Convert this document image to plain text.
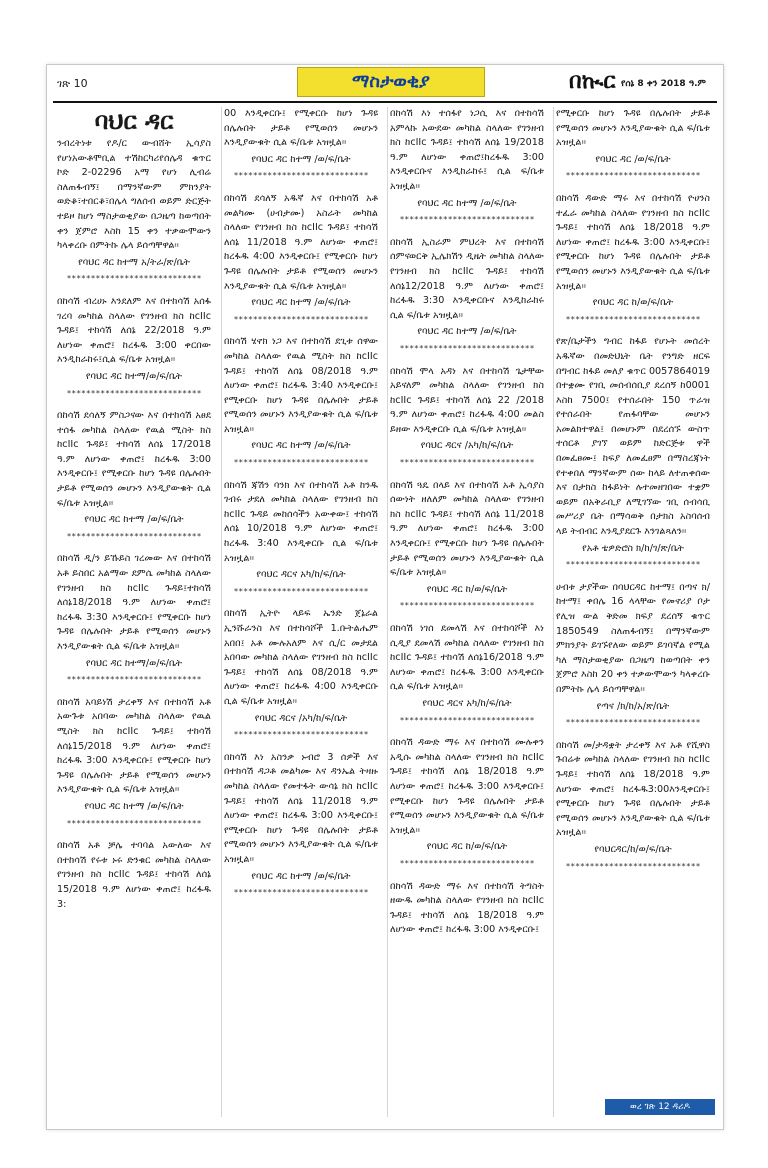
ገጽ 10	ማስታወቂያ	በኲር የሰኔ 8 ቀን 2018 ዓ.ም
ባህር ዳር

ንብረትነቱ የዶ/ር ውብሸት ኢሳያስ የሆነአውቶሞቢል ተሽከርካሪየሰሌዳ ቁጥር ኮድ 2-02296 አማ የሆነ ሊብሬ ስለጠፋብኝ፤ በማንኛውም ምክንያት ወድቆ፣ተበርቆ፣በሌላ ግለሰብ ወይም ድርጅት ተይዞ ከሆነ ማስታወቂያው በጋዜጣ ከወጣበት ቀን ጀምሮ እስከ 15 ቀን ተቃውሞውን ካላቀረቡ በምትኩ ሌላ ይሰጣቸዋል፡፡

የባህር ዳር ከተማ አ/ትራ/ጽ/ቤት

****************************

በከሳሽ ብረሀኑ እንደለም እና በተከሳሽ አሰፋ ገረባ መካከል ስላለው የገንዘብ ክስ ከcIIc ጉዳይ፤ ተከሳሽ ለሰኔ 22/2018 ዓ.ም ለሆነው ቀጠሮ፤ ከረፋዱ 3:00 ቀርበው እንዲከራከሩ፤ሲል ፍ/ቤቱ አዝዟል፡፡

የባህር ዳር ከተማ/ወ/ፍ/ቤት

****************************

በከሳሽ ደሳለኝ ምስጋናው እና በተከሳሽ አፀደ ተሰፋ መካከል ስላለው የዉል ሚስት ክስ ከcIIc ጉዳይ፤ ተከሳሽ ለሰኔ 17/2018 ዓ.ም ለሆነው ቀጠሮ፤ ከረፋዱ 3:00 እንዲቀርቡ፤ የሚቀርቡ ከሆነ ጉዳዩ በሌሉበት ታይቶ የሚወሰን መሆኑን እንዲያውቁት ሲል ፍ/ቤቱ አዝዟል፡፡

የባህር ዳር ከተማ /ወ/ፍ/ቤት

****************************

በከሳሽ ዲ/ን ይኹይስ ገረመው እና በተከሳሽ አቶ ይስበር አልማው ደምሴ መካከል ስላለው የገንዘብ ክስ ከcIIc ጉዳይ፤ተከሳሽ ለሰኔ18/2018 ዓ.ም ለሆነው ቀጠሮ፤ ከረፋዱ 3:30 እንዲቀርቡ፤ የሚቀርቡ ከሆነ ጉዳዩ በሌሉበት ታይቶ የሚወሰን መሆኑን እንዲያውቁት ሲል ፍ/ቤቱ አዝዟል፡፡

የባህር ዳር ከተማ/ወ/ፍ/ቤት

****************************

በከሳሽ አባይነሽ ታረቀኝ እና በተከሳሽ አቶ አውጉቱ አበባው መካከል ስላለው የዉል ሚስት ክስ ከcIIc ጉዳይ፤ ተከሳሽ ለሰኔ15/2018 ዓ.ም ለሆነው ቀጠሮ፤ ከረፋዱ 3:00 እንዲቀርቡ፤ የሚቀርቡ ከሆነ ጉዳዩ በሌሉበት ታይቶ የሚወሰን መሆኑን እንዲያውቁት ሲል ፍ/ቤቱ አዝዟል፡፡

የባህር ዳር ከተማ /ወ/ፍ/ቤት

****************************

በከሳሽ አቶ ቻሌ ተባባል አውለው እና በተከሳሽ የሩቱ ኑሩ ድንቁር መካከል ስላለው የገንዘብ ክስ ከcIIc ጉዳይ፤ ተከሳሽ ለሰኔ 15/2018 ዓ.ም ለሆነው ቀጠሮ፤ ከረፋዱ 3:

00 እንዲቀርቡ፤ የሚቀርቡ ከሆነ ጉዳዩ በሌሉበት ታይቶ የሚወሰን መሆኑን እንዲያውቁት ሲል ፍ/ቤቱ አዝዟል፡፡

የባህር ዳር ከተማ /ወ/ፍ/ቤት

****************************

በከሳሽ ደሳለኝ አዱኛ እና በተከሳሽ አቶ መልካሙ (ሀብታሙ) አስራት መካከል ስላለው የገንዘብ ክስ ከcIIc ጉዳይ፤ ተከሳሽ ለሰኔ 11/2018 ዓ.ም ለሆነው ቀጠሮ፤ ከረፋዱ 4:00 እንዲቀርቡ፤ የሚቀርቡ ከሆነ ጉዳዩ በሌሉበት ታይቶ የሚወሰን መሆኑን እንዲያውቁት ሲል ፍ/ቤቱ አዝዟል፡፡

የባህር ዳር ከተማ /ወ/ፍ/ቤት

****************************

በከሳሽ ሄኖክ ነጋ እና በተከሳሽ ደጊቱ ሰዋው መካከል ስላለው የዉል ሚስት ክስ ከcIIc ጉዳይ፤ ተከሳሽ ለሰኔ 08/2018 ዓ.ም ለሆነው ቀጠሮ፤ ከረፋዱ 3:40 እንዲቀርቡ፤ የሚቀርቡ ከሆነ ጉዳዩ በሌሉበት ታይቶ የሚወሰን መሆኑን እንዲያውቁት ሲል ፍ/ቤቱ አዝዟል፡፡

የባህር ዳር ከተማ /ወ/ፍ/ቤት

****************************

በከሳሽ ጃሽን ባንክ እና በተከሳሽ አቶ ከንዱ ገብሩ ታደለ መካከል ስላለው የገንዘብ ክስ ከcIIc ጉዳይ መከሰሳችን አውቀው፤ ተከሳሽ ለሰኔ 10/2018 ዓ.ም ለሆነው ቀጠሮ፤ ከረፋዱ 3:40 እንዲቀርቡ ሲል ፍ/ቤቱ አዝዟል፡፡

የባህር ዳርና አካ/ከ/ፍ/ቤት

****************************

በከሳሽ ኢትዮ ላይፍ ኤንድ ጀኔራል ኢንሹራንስ እና በተከሳሾች 1.ቡትልሔም አበበ፤ አቶ ሙሉአለም እና ሲ/ር መታደል አበባው መካከል ስላለው የገንዘብ ክስ ከcIIc ጉዳይ፤ ተከሳሽ ለሰኔ 08/2018 ዓ.ም ለሆነው ቀጠሮ፤ ከረፋዱ 4:00 እንዲቀርቡ ሲል ፍ/ቤቱ አዝዟል፡፡

የባህር ዳርና /አካ/ከ/ፍ/ቤት

****************************

በከሳሽ እነ አስንቃ ኑብሮ 3 ሰዎች እና በተከሳሽ ዳጋቶ መልካሙ እና ዳንኤል ትዛዙ መካከል ስላለው የመተፋት ውሳኔ ክስ ከcIIc ጉዳይ፤ ተከሳሽ ለሰኔ 11/2018 ዓ.ም ለሆነው ቀጠሮ፤ ከረፋዱ 3:00 እንዲቀርቡ፤ የሚቀርቡ ከሆነ ጉዳዩ በሌሉበት ታይቶ የሚወሰን መሆኑን እንዲያውቁት ሲል ፍ/ቤቱ አዝዟል፡፡

የባህር ዳር ከተማ /ወ/ፍ/ቤት

****************************

በከሳሽ እነ ተሰፋየ ነጋሲ እና በተከሳሽ አምላኩ አውደው መካከል ስላለው የገንዘብ ክስ ከcIIc ጉዳይ፤ ተከሳሽ ለሰኔ 19/2018 ዓ.ም ለሆነው ቀጠሮ፤ከረፋዱ 3:00 እንዲቀርቡና እንዲከራከሩ፤ ሲል ፍ/ቤቱ አዝዟል፡፡

የባህር ዳር ከተማ /ወ/ፍ/ቤት

****************************

በከሳሽ ኢስራም ምህረት እና በተከሳሽ ሰምናወርቅ ኢሌክሽን ዲዜት መካከል ስላለው የገንዘብ ክስ ከcIIc ጉዳይ፤ ተከሳሽ ለሰኔ12/2018 ዓ.ም ለሆነው ቀጠሮ፤ ከረፋዱ 3:30 እንዲቀርቡና እንዲከራከሩ ሲል ፍ/ቤቱ አዝዟል፡፡

የባህር ዳር ከተማ /ወ/ፍ/ቤት

****************************

በከሳሽ ሞላ አዳነ እና በተከሳሽ ጌታቸው አይናለም መካከል ስላለው የገንዘብ ክስ ከcIIc ጉዳይ፤ ተከሳሽ ለሰኔ 22 /2018 ዓ.ም ለሆነው ቀጠሮ፤ ከረፋዱ 4:00 መልስ ይዘው እንዲቀርቡ ሲል ፍ/ቤቱ አዝዟል፡፡

የባህር ዳርና /አካ/ከ/ፍ/ቤት

****************************

በከሳሽ ጓዴ በላይ እና በተከሳሽ አቶ ኢሳያስ ሰውነት ዘለለም መካከል ስላለው የገንዘብ ክስ ከcIIc ጉዳይ፤ ተከሳሽ ለሰኔ 11/2018 ዓ.ም ለሆነው ቀጠሮ፤ ከረፋዱ 3:00 እንዲቀርቡ፤ የሚቀርቡ ከሆነ ጉዳዩ በሌሉበት ታይቶ የሚወሰን መሆኑን እንዲያውቁት ሲል ፍ/ቤቱ አዝዟል፡፡

የባህር ዳር ከ/ወ/ፍ/ቤት

****************************

በከሳሽ ነገሰ ደመላሽ እና በተከሳሾች እነ ሲዲያ ደመላሽ መካከል ስላለው የገንዘብ ክስ ከcIIc ጉዳይ፤ ተከሳሽ ለሰኔ16/2018 ዓ.ም ለሆነው ቀጠሮ፤ ከረፋዱ 3:00 እንዲቀርቡ ሲል ፍ/ቤቱ አዝዟል፡፡

የባህር ዳርና አካ/ከ/ፍ/ቤት

****************************

በከሳሽ ዳውድ ማሩ እና በተከሳሽ ሙሉቀን አዲሱ መካከል ስላለው የገንዘብ ክስ ከcIIc ጉዳይ፤ ተከሳሽ ለሰኔ 18/2018 ዓ.ም ለሆነው ቀጠሮ፤ ከረፋዱ 3:00 እንዲቀርቡ፤ የሚቀርቡ ከሆነ ጉዳዩ በሌሉበት ታይቶ የሚወሰን መሆኑን እንዲያውቁት ሲል ፍ/ቤቱ አዝዟል፡፡

የባህር ዳር ከ/ወ/ፍ/ቤት

****************************

በከሳሽ ዳውድ ማሩ እና በተከሳሽ ትግስት ዘውዱ መካከል ስላለው የገንዘብ ክስ ከcIIc ጉዳይ፤ ተከሳሽ ለሰኔ 18/2018 ዓ.ም ለሆነው ቀጠሮ፤ ከረፋዱ 3:00 እንዲቀርቡ፤

የሚቀርቡ ከሆነ ጉዳዩ በሌሉበት ታይቶ የሚወሰን መሆኑን እንዲያውቁት ሲል ፍ/ቤቱ አዝዟል፡፡

የባህር ዳር /ወ/ፍ/ቤት

****************************

በከሳሽ ዳውድ ማሩ እና በተከሳሽ ዮሀንስ ተፈራ መካከል ስላለው የገንዘብ ክስ ከcIIc ጉዳይ፤ ተከሳሽ ለሰኔ 18/2018 ዓ.ም ለሆነው ቀጠሮ፤ ከረፋዱ 3:00 እንዲቀርቡ፤ የሚቀርቡ ከሆነ ጉዳዩ በሌሉበት ታይቶ የሚወሰን መሆኑን እንዲያውቁት ሲል ፍ/ቤቱ አዝዟል፡፡

የባህር ዳር ከ/ወ/ፍ/ቤት

****************************

የጽ/ቤታችን ግብር ከፋይ የሆኑት መሰረት አዱኛው በመድህኒት ቤት የንግድ ዘርፍ በግብር ከፋይ መለያ ቁጥር 0057864019 በተቋሙ የገቢ መሰብሰቢያ ደረሰኝ ከ0001 እስከ 7500፤ የተሰራበት 150 ጥራዝ የተሰራበት የጠፋባቸው መሆኑን አመልክተዋል፤ በመሆኑም በደረሰኙ ውስጥ ተሰርቶ ያገኘ ወይም ከድርጅቱ ዋች በመፈፀሙ፤ ከፍያ ለመፈፀም በማስረጃነት የተቀበለ ማንኛውም ሰው ከላይ ለተጠቀሰው እና በታክስ ከፋይነት ሉተመዘገበው ተቋም ወይም በአቅራቢያ ለሚገኘው ገቢ ሰብሳቢ መሥሪያ ቤት በማሳወቅ በታክስ አስባሰብ ላይ ትብብር እንዲያደርጉ እንገልጻለን፡፡

የአቶ ቴዎድሮስ ክ/ከ/ገ/ጽ/ቤት

****************************

ሀብቱ ታያችው በባህርዳር ከተማ፤ በጣና ክ/ከተማ፤ ቀበሌ 16 ላላቸው የመኖሪያ ቦታ የሊዝ ውል ቅድመ ክፍያ ደረሰኝ ቁጥር 1850549 ስለጠፋብኝ፤ በማንኛውም ምክንያት ይገኙየለው ወይም ይገባኛል የሚል ካለ ማስታወቂያው በጋዜጣ ከወጣበት ቀን ጀምሮ እስከ 20 ቀን ተቃውሞውን ካላቀረቡ በምትኩ ሌላ ይሰጣቸዋል፡፡

የጣና /ክ/ከ/አ/ጽ/ቤት

****************************

በከሳሽ መ/ታዳቋት ታረቀኝ እና አቶ የሺዋስ ጉበሬቱ መካከል ስላለው የገንዘብ ክስ ከcIIc ጉዳይ፤ ተከሳሽ ለሰኔ 18/2018 ዓ.ም ለሆነው ቀጠሮ፤ ከረፋዱ3:00እንዲቀርቡ፤ የሚቀርቡ ከሆነ ጉዳዩ በሌሉበት ታይቶ የሚወሰን መሆኑን እንዲያውቁት ሲል ፍ/ቤቱ አዝዟል፡፡

የባህርዳር/ከ/ወ/ፍ/ቤት

****************************
ወረ ገጽ 12 ዳሪዶ
